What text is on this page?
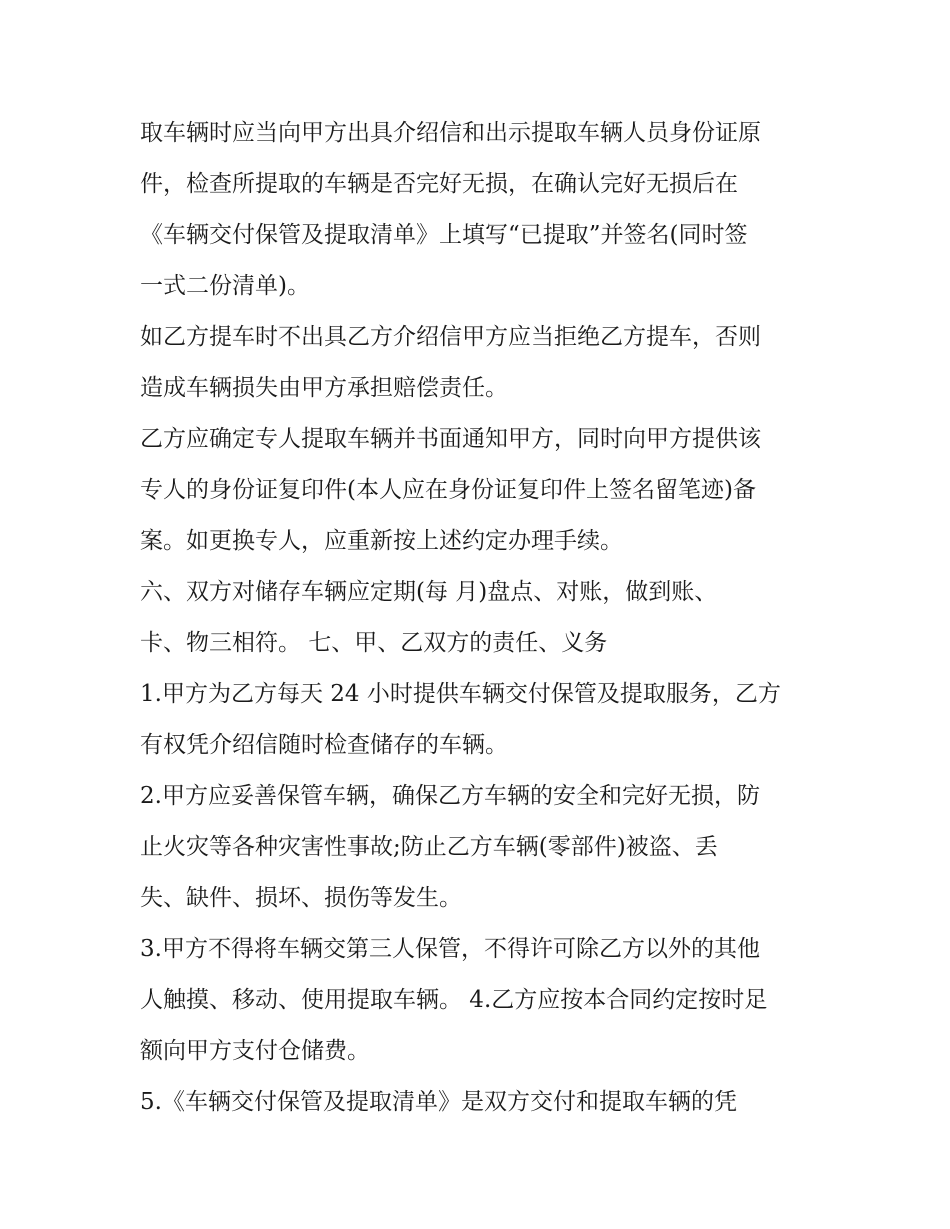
取车辆时应当向甲方出具介绍信和出示提取车辆人员身份证原
件，检查所提取的车辆是否完好无损，在确认完好无损后在
《车辆交付保管及提取清单》上填写“已提取”并签名(同时签
一式二份清单)。
如乙方提车时不出具乙方介绍信甲方应当拒绝乙方提车，否则
造成车辆损失由甲方承担赔偿责任。
乙方应确定专人提取车辆并书面通知甲方，同时向甲方提供该
专人的身份证复印件(本人应在身份证复印件上签名留笔迹)备
案。如更换专人，应重新按上述约定办理手续。
六、双方对储存车辆应定期(每 月)盘点、对账，做到账、
卡、物三相符。 七、甲、乙双方的责任、义务
1.甲方为乙方每天 24 小时提供车辆交付保管及提取服务，乙方
有权凭介绍信随时检查储存的车辆。
2.甲方应妥善保管车辆，确保乙方车辆的安全和完好无损，防
止火灾等各种灾害性事故;防止乙方车辆(零部件)被盗、丢
失、缺件、损坏、损伤等发生。
3.甲方不得将车辆交第三人保管，不得许可除乙方以外的其他
人触摸、移动、使用提取车辆。 4.乙方应按本合同约定按时足
额向甲方支付仓储费。
5.《车辆交付保管及提取清单》是双方交付和提取车辆的凭
